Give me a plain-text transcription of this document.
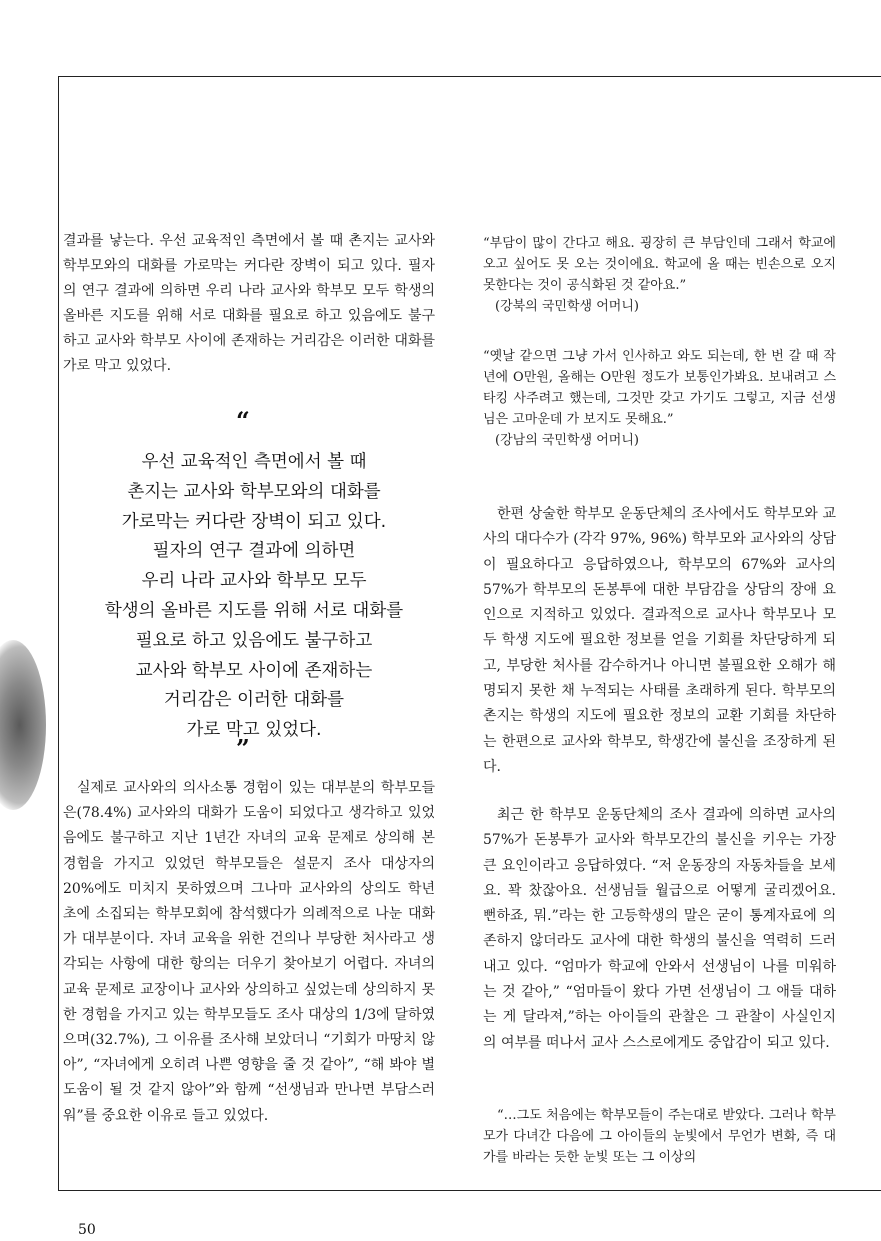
결과를 낳는다. 우선 교육적인 측면에서 볼 때 촌지는 교사와 학부모와의 대화를 가로막는 커다란 장벽이 되고 있다. 필자의 연구 결과에 의하면 우리 나라 교사와 학부모 모두 학생의 올바른 지도를 위해 서로 대화를 필요로 하고 있음에도 불구하고 교사와 학부모 사이에 존재하는 거리감은 이러한 대화를 가로 막고 있었다.

“
우선 교육적인 측면에서 볼 때
촌지는 교사와 학부모와의 대화를
가로막는 커다란 장벽이 되고 있다.
필자의 연구 결과에 의하면
우리 나라 교사와 학부모 모두
학생의 올바른 지도를 위해 서로 대화를
필요로 하고 있음에도 불구하고
교사와 학부모 사이에 존재하는
거리감은 이러한 대화를
가로 막고 있었다.
”

실제로 교사와의 의사소통 경험이 있는 대부분의 학부모들은(78.4%) 교사와의 대화가 도움이 되었다고 생각하고 있었음에도 불구하고 지난 1년간 자녀의 교육 문제로 상의해 본 경험을 가지고 있었던 학부모들은 설문지 조사 대상자의 20%에도 미치지 못하였으며 그나마 교사와의 상의도 학년 초에 소집되는 학부모회에 참석했다가 의례적으로 나눈 대화가 대부분이다. 자녀 교육을 위한 건의나 부당한 처사라고 생각되는 사항에 대한 항의는 더우기 찾아보기 어렵다. 자녀의 교육 문제로 교장이나 교사와 상의하고 싶었는데 상의하지 못한 경험을 가지고 있는 학부모들도 조사 대상의 1/3에 달하였으며(32.7%), 그 이유를 조사해 보았더니 “기회가 마땅치 않아”, “자녀에게 오히려 나쁜 영향을 줄 것 같아”, “해 봐야 별 도움이 될 것 같지 않아”와 함께 “선생님과 만나면 부담스러워”를 중요한 이유로 들고 있었다.

“부담이 많이 간다고 해요. 굉장히 큰 부담인데 그래서 학교에 오고 싶어도 못 오는 것이에요. 학교에 올 때는 빈손으로 오지 못한다는 것이 공식화된 것 같아요.”

(강북의 국민학생 어머니)

“옛날 같으면 그냥 가서 인사하고 와도 되는데, 한 번 갈 때 작년에 O만원, 올해는 O만원 정도가 보통인가봐요. 보내려고 스타킹 사주려고 했는데, 그것만 갖고 가기도 그렇고, 지금 선생님은 고마운데 가 보지도 못해요.”

(강남의 국민학생 어머니)

한편 상술한 학부모 운동단체의 조사에서도 학부모와 교사의 대다수가 (각각 97%, 96%) 학부모와 교사와의 상담이 필요하다고 응답하였으나, 학부모의 67%와 교사의 57%가 학부모의 돈봉투에 대한 부담감을 상담의 장애 요인으로 지적하고 있었다. 결과적으로 교사나 학부모나 모두 학생 지도에 필요한 정보를 얻을 기회를 차단당하게 되고, 부당한 처사를 감수하거나 아니면 불필요한 오해가 해명되지 못한 채 누적되는 사태를 초래하게 된다. 학부모의 촌지는 학생의 지도에 필요한 정보의 교환 기회를 차단하는 한편으로 교사와 학부모, 학생간에 불신을 조장하게 된다.

최근 한 학부모 운동단체의 조사 결과에 의하면 교사의 57%가 돈봉투가 교사와 학부모간의 불신을 키우는 가장 큰 요인이라고 응답하였다. “저 운동장의 자동차들을 보세요. 꽉 찼잖아요. 선생님들 월급으로 어떻게 굴리겠어요. 뻔하죠, 뭐.”라는 한 고등학생의 말은 굳이 통계자료에 의존하지 않더라도 교사에 대한 학생의 불신을 역력히 드러내고 있다. “엄마가 학교에 안와서 선생님이 나를 미워하는 것 같아,” “엄마들이 왔다 가면 선생님이 그 애들 대하는 게 달라져,”하는 아이들의 관찰은 그 관찰이 사실인지의 여부를 떠나서 교사 스스로에게도 중압감이 되고 있다.

“…그도 처음에는 학부모들이 주는대로 받았다. 그러나 학부모가 다녀간 다음에 그 아이들의 눈빛에서 무언가 변화, 즉 대가를 바라는 듯한 눈빛 또는 그 이상의

50
